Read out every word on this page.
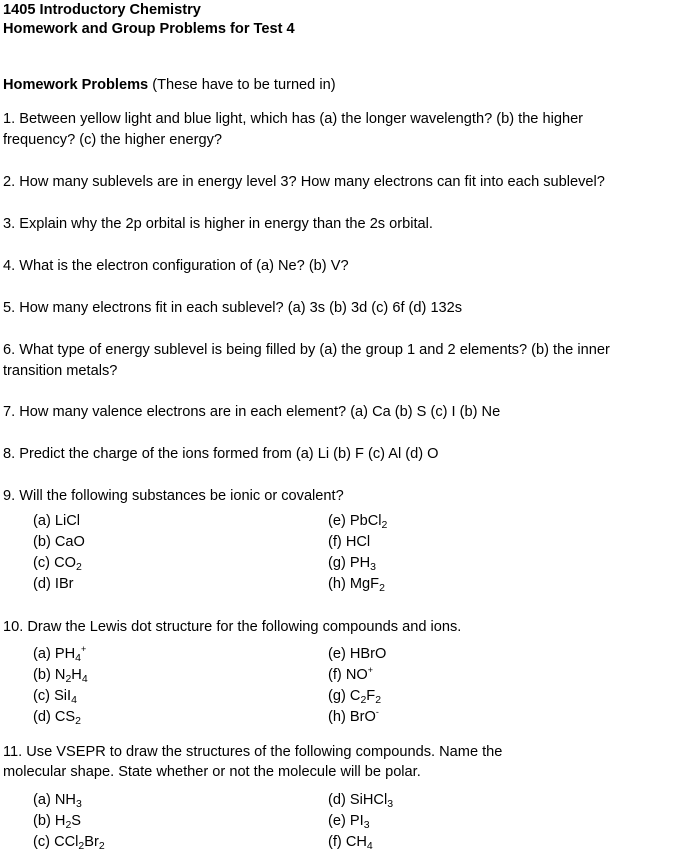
1405 Introductory Chemistry
Homework and Group Problems for Test 4
Homework Problems (These have to be turned in)
1. Between yellow light and blue light, which has (a) the longer wavelength? (b) the higher
frequency? (c) the higher energy?
2. How many sublevels are in energy level 3? How many electrons can fit into each sublevel?
3. Explain why the 2p orbital is higher in energy than the 2s orbital.
4. What is the electron configuration of (a) Ne? (b) V?
5. How many electrons fit in each sublevel? (a) 3s (b) 3d (c) 6f (d) 132s
6. What type of energy sublevel is being filled by (a) the group 1 and 2 elements? (b) the inner
transition metals?
7. How many valence electrons are in each element? (a) Ca (b) S (c) I (b) Ne
8. Predict the charge of the ions formed from (a) Li (b) F (c) Al (d) O
9. Will the following substances be ionic or covalent?
(a) LiCl
(b) CaO
(c) $CO_2$
(d) IBr
(e) PbCl$_2$
(f) HCl
(g) $PH_3$
(h) MgF$_2$
10. Draw the Lewis dot structure for the following compounds and ions.
(a) $PH_4^+$
(b) $N_2H_4$
(c) SiI$_4$
(d) $CS_2$
(e) HBrO
(f) NO+
(g) $C_2F_2$
(h) BrO-
11. Use VSEPR to draw the structures of the following compounds. Name the
molecular shape. State whether or not the molecule will be polar.
(a) $NH_3$
(b) $H_2S$
(c) $CCl_2Br_2$
(d) SiHCl$_3$
(e) $PI_3$
(f) $CH_4$
